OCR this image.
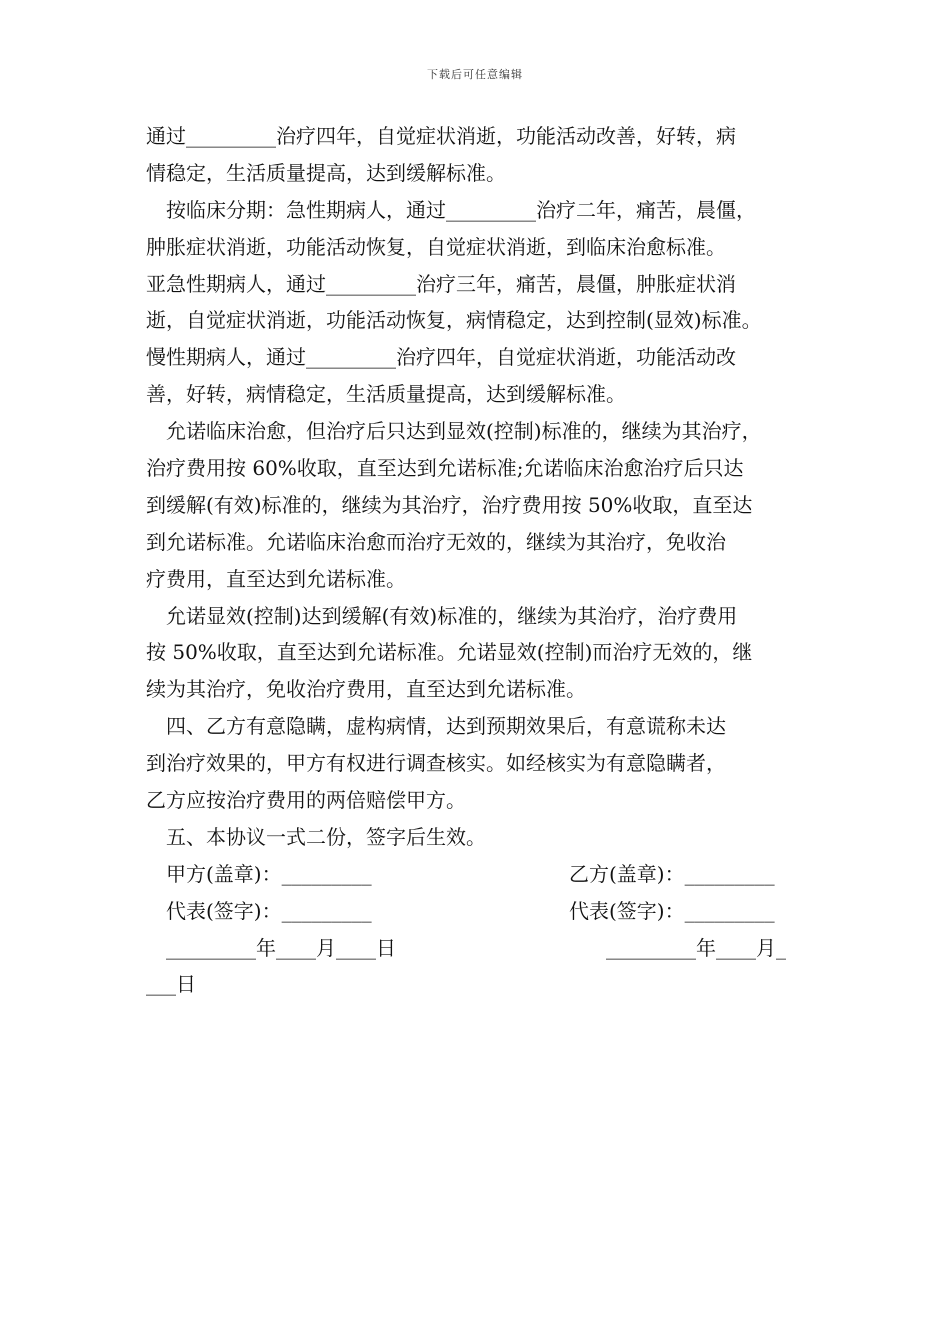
下载后可任意编辑
通过_________治疗四年，自觉症状消逝，功能活动改善，好转，病
情稳定，生活质量提高，达到缓解标准。
按临床分期：急性期病人，通过_________治疗二年，痛苦，晨僵，
肿胀症状消逝，功能活动恢复，自觉症状消逝，到临床治愈标准。
亚急性期病人，通过_________治疗三年，痛苦，晨僵，肿胀症状消
逝，自觉症状消逝，功能活动恢复，病情稳定，达到控制(显效)标准。
慢性期病人，通过_________治疗四年，自觉症状消逝，功能活动改
善，好转，病情稳定，生活质量提高，达到缓解标准。
允诺临床治愈，但治疗后只达到显效(控制)标准的，继续为其治疗，
治疗费用按 60%收取，直至达到允诺标准;允诺临床治愈治疗后只达
到缓解(有效)标准的，继续为其治疗，治疗费用按 50%收取，直至达
到允诺标准。允诺临床治愈而治疗无效的，继续为其治疗，免收治
疗费用，直至达到允诺标准。
允诺显效(控制)达到缓解(有效)标准的，继续为其治疗，治疗费用
按 50%收取，直至达到允诺标准。允诺显效(控制)而治疗无效的，继
续为其治疗，免收治疗费用，直至达到允诺标准。
四、乙方有意隐瞒，虚构病情，达到预期效果后，有意谎称未达
到治疗效果的，甲方有权进行调查核实。如经核实为有意隐瞒者，
乙方应按治疗费用的两倍赔偿甲方。
五、本协议一式二份，签字后生效。
甲方(盖章)：_________	乙方(盖章)：_________
代表(签字)：_________	代表(签字)：_________
_________年____月____日	_________年____月_
___日
